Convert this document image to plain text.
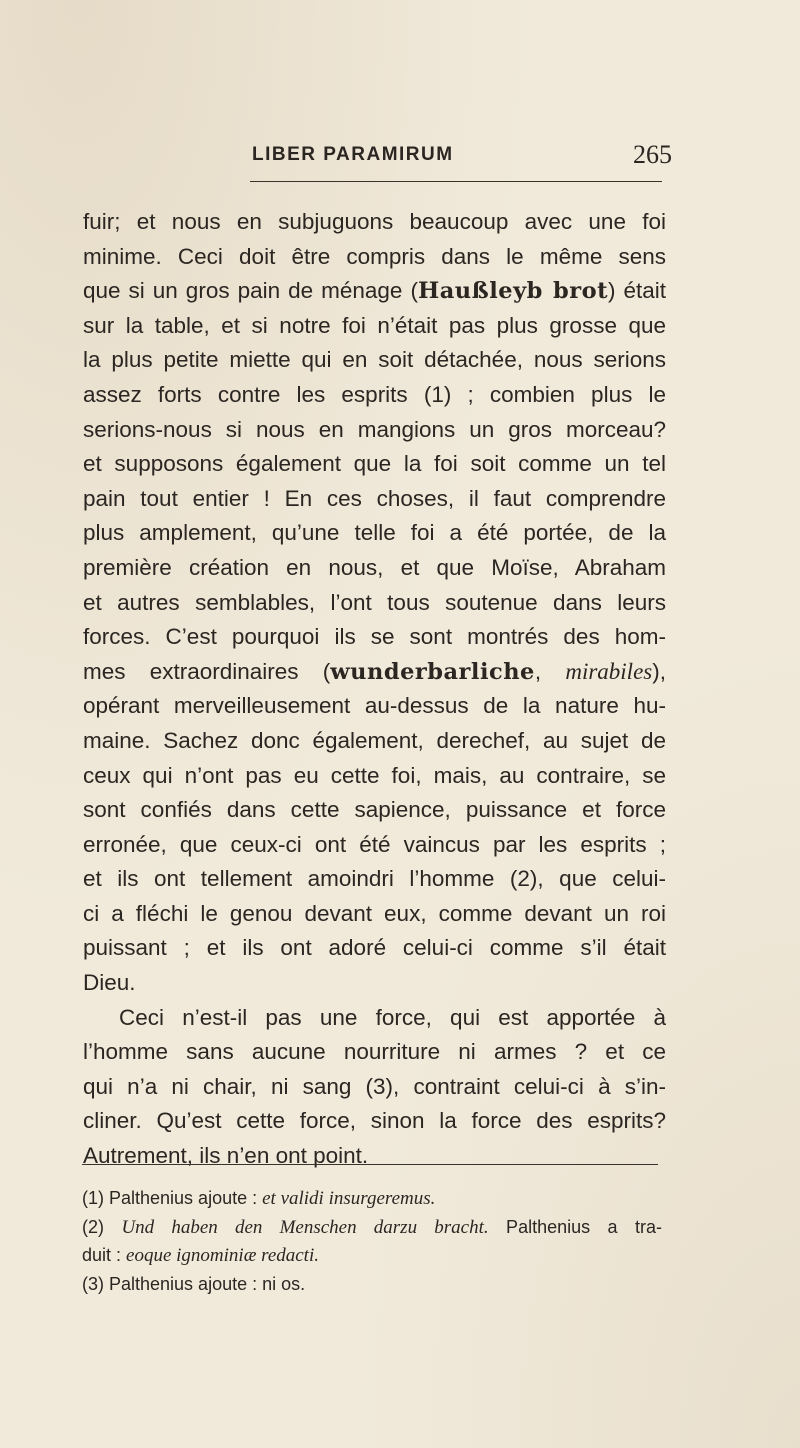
LIBER PARAMIRUM	265
fuir; et nous en subjuguons beaucoup avec une foi
minime. Ceci doit être compris dans le même sens
que si un gros pain de ménage (Haußleyb brot) était
sur la table, et si notre foi n’était pas plus grosse que
la plus petite miette qui en soit détachée, nous serions
assez forts contre les esprits (1) ; combien plus le
serions-nous si nous en mangions un gros morceau?
et supposons également que la foi soit comme un tel
pain tout entier ! En ces choses, il faut comprendre
plus amplement, qu’une telle foi a été portée, de la
première création en nous, et que Moïse, Abraham
et autres semblables, l’ont tous soutenue dans leurs
forces. C’est pourquoi ils se sont montrés des hom-
mes extraordinaires (wunderbarliche, mirabiles),
opérant merveilleusement au-dessus de la nature hu-
maine. Sachez donc également, derechef, au sujet de
ceux qui n’ont pas eu cette foi, mais, au contraire, se
sont confiés dans cette sapience, puissance et force
erronée, que ceux-ci ont été vaincus par les esprits ;
et ils ont tellement amoindri l’homme (2), que celui-
ci a fléchi le genou devant eux, comme devant un roi
puissant ; et ils ont adoré celui-ci comme s’il était
Dieu.
Ceci n’est-il pas une force, qui est apportée à
l’homme sans aucune nourriture ni armes ? et ce
qui n’a ni chair, ni sang (3), contraint celui-ci à s’in-
cliner. Qu’est cette force, sinon la force des esprits?
Autrement, ils n’en ont point.
(1) Palthenius ajoute : et validi insurgeremus.
(2) Und haben den Menschen darzu bracht. Palthenius a tra-
duit : eoque ignominiæ redacti.
(3) Palthenius ajoute : ni os.
